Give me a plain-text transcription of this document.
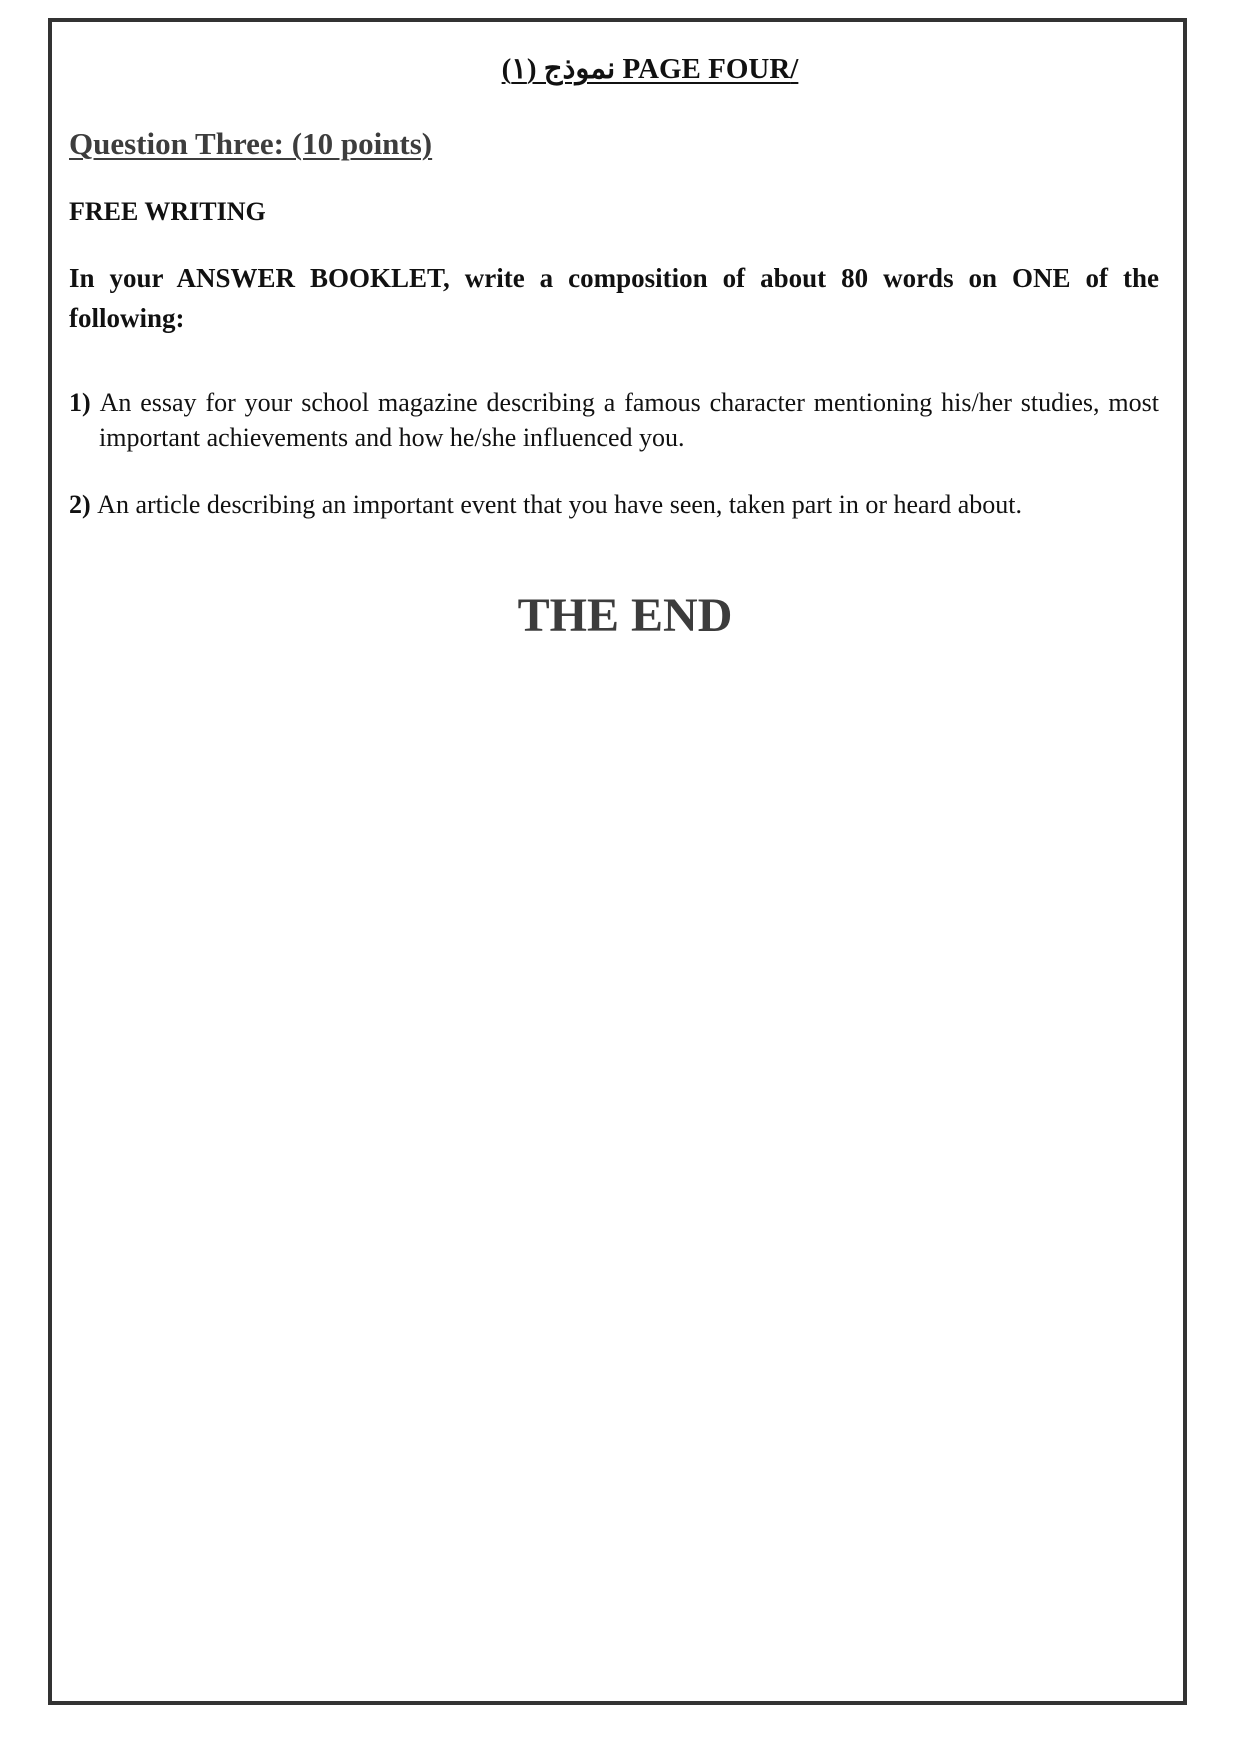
/PAGE FOUR نموذج (١)
Question Three: (10 points)
FREE WRITING
In your ANSWER BOOKLET, write a composition of about 80 words on ONE of the following:
1) An essay for your school magazine describing a famous character mentioning his/her studies, most important achievements and how he/she influenced you.
2) An article describing an important event that you have seen, taken part in or heard about.
THE END
